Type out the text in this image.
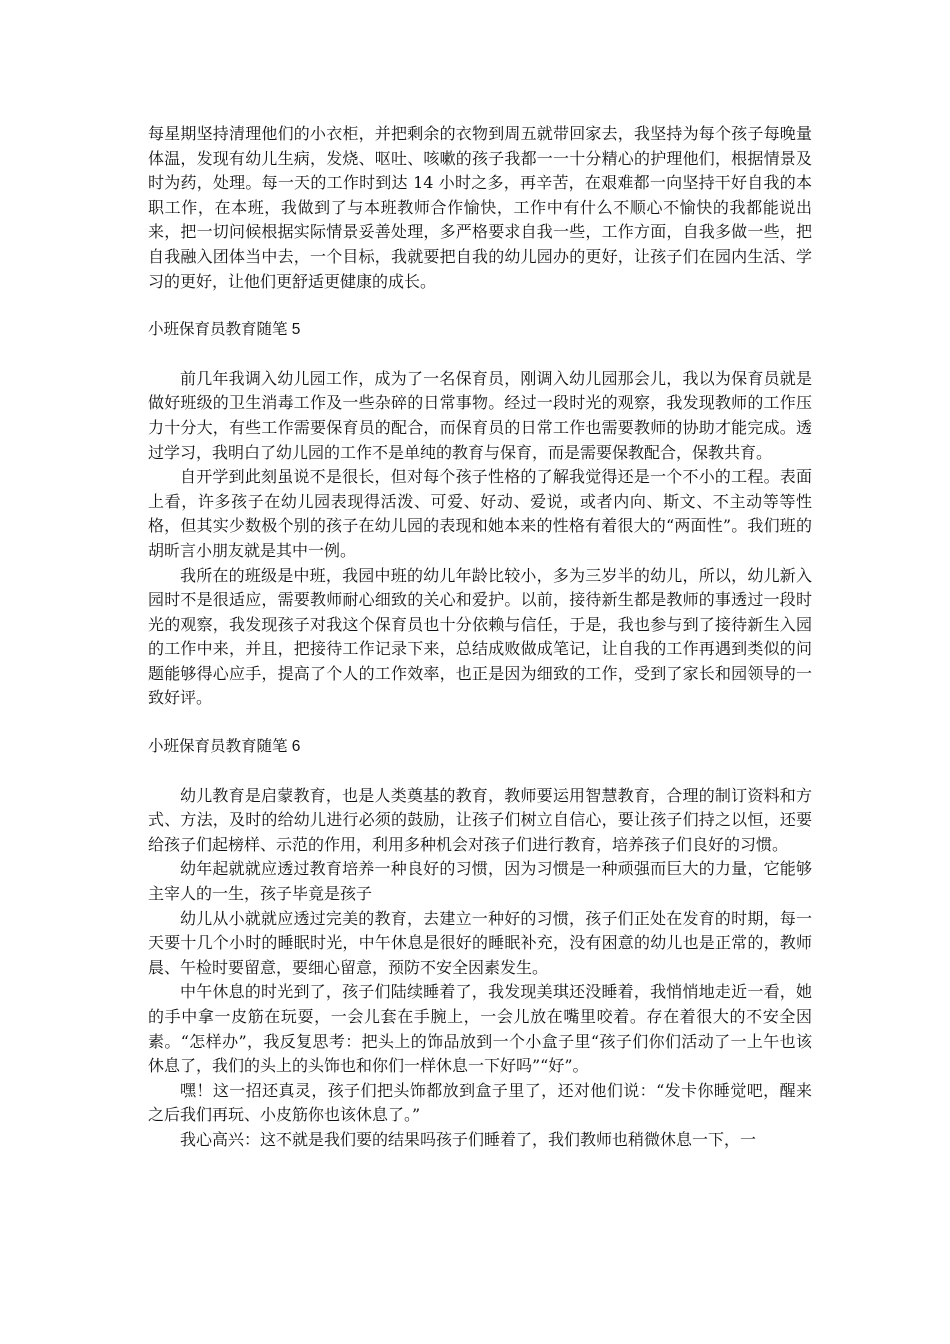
每星期坚持清理他们的小衣柜，并把剩余的衣物到周五就带回家去，我坚持为每个孩子每晚量体温，发现有幼儿生病，发烧、呕吐、咳嗽的孩子我都一一十分精心的护理他们，根据情景及时为药，处理。每一天的工作时到达 14 小时之多，再辛苦，在艰难都一向坚持干好自我的本职工作，在本班，我做到了与本班教师合作愉快，工作中有什么不顺心不愉快的我都能说出来，把一切问候根据实际情景妥善处理，多严格要求自我一些，工作方面，自我多做一些，把自我融入团体当中去，一个目标，我就要把自我的幼儿园办的更好，让孩子们在园内生活、学习的更好，让他们更舒适更健康的成长。

小班保育员教育随笔 5

前几年我调入幼儿园工作，成为了一名保育员，刚调入幼儿园那会儿，我以为保育员就是做好班级的卫生消毒工作及一些杂碎的日常事物。经过一段时光的观察，我发现教师的工作压力十分大，有些工作需要保育员的配合，而保育员的日常工作也需要教师的协助才能完成。透过学习，我明白了幼儿园的工作不是单纯的教育与保育，而是需要保教配合，保教共育。

自开学到此刻虽说不是很长，但对每个孩子性格的了解我觉得还是一个不小的工程。表面上看，许多孩子在幼儿园表现得活泼、可爱、好动、爱说，或者内向、斯文、不主动等等性格，但其实少数极个别的孩子在幼儿园的表现和她本来的性格有着很大的“两面性”。我们班的胡昕言小朋友就是其中一例。

我所在的班级是中班，我园中班的幼儿年龄比较小，多为三岁半的幼儿，所以，幼儿新入园时不是很适应，需要教师耐心细致的关心和爱护。以前，接待新生都是教师的事透过一段时光的观察，我发现孩子对我这个保育员也十分依赖与信任，于是，我也参与到了接待新生入园的工作中来，并且，把接待工作记录下来，总结成败做成笔记，让自我的工作再遇到类似的问题能够得心应手，提高了个人的工作效率，也正是因为细致的工作，受到了家长和园领导的一致好评。

小班保育员教育随笔 6

幼儿教育是启蒙教育，也是人类奠基的教育，教师要运用智慧教育，合理的制订资料和方式、方法，及时的给幼儿进行必须的鼓励，让孩子们树立自信心，要让孩子们持之以恒，还要给孩子们起榜样、示范的作用，利用多种机会对孩子们进行教育，培养孩子们良好的习惯。

幼年起就就应透过教育培养一种良好的习惯，因为习惯是一种顽强而巨大的力量，它能够主宰人的一生，孩子毕竟是孩子

幼儿从小就就应透过完美的教育，去建立一种好的习惯，孩子们正处在发育的时期，每一天要十几个小时的睡眠时光，中午休息是很好的睡眠补充，没有困意的幼儿也是正常的，教师晨、午检时要留意，要细心留意，预防不安全因素发生。

中午休息的时光到了，孩子们陆续睡着了，我发现美琪还没睡着，我悄悄地走近一看，她的手中拿一皮筋在玩耍，一会儿套在手腕上，一会儿放在嘴里咬着。存在着很大的不安全因素。“怎样办”，我反复思考：把头上的饰品放到一个小盒子里“孩子们你们活动了一上午也该休息了，我们的头上的头饰也和你们一样休息一下好吗”“好”。

嘿！这一招还真灵，孩子们把头饰都放到盒子里了，还对他们说：“发卡你睡觉吧，醒来之后我们再玩、小皮筋你也该休息了。”

我心高兴：这不就是我们要的结果吗孩子们睡着了，我们教师也稍微休息一下，一
